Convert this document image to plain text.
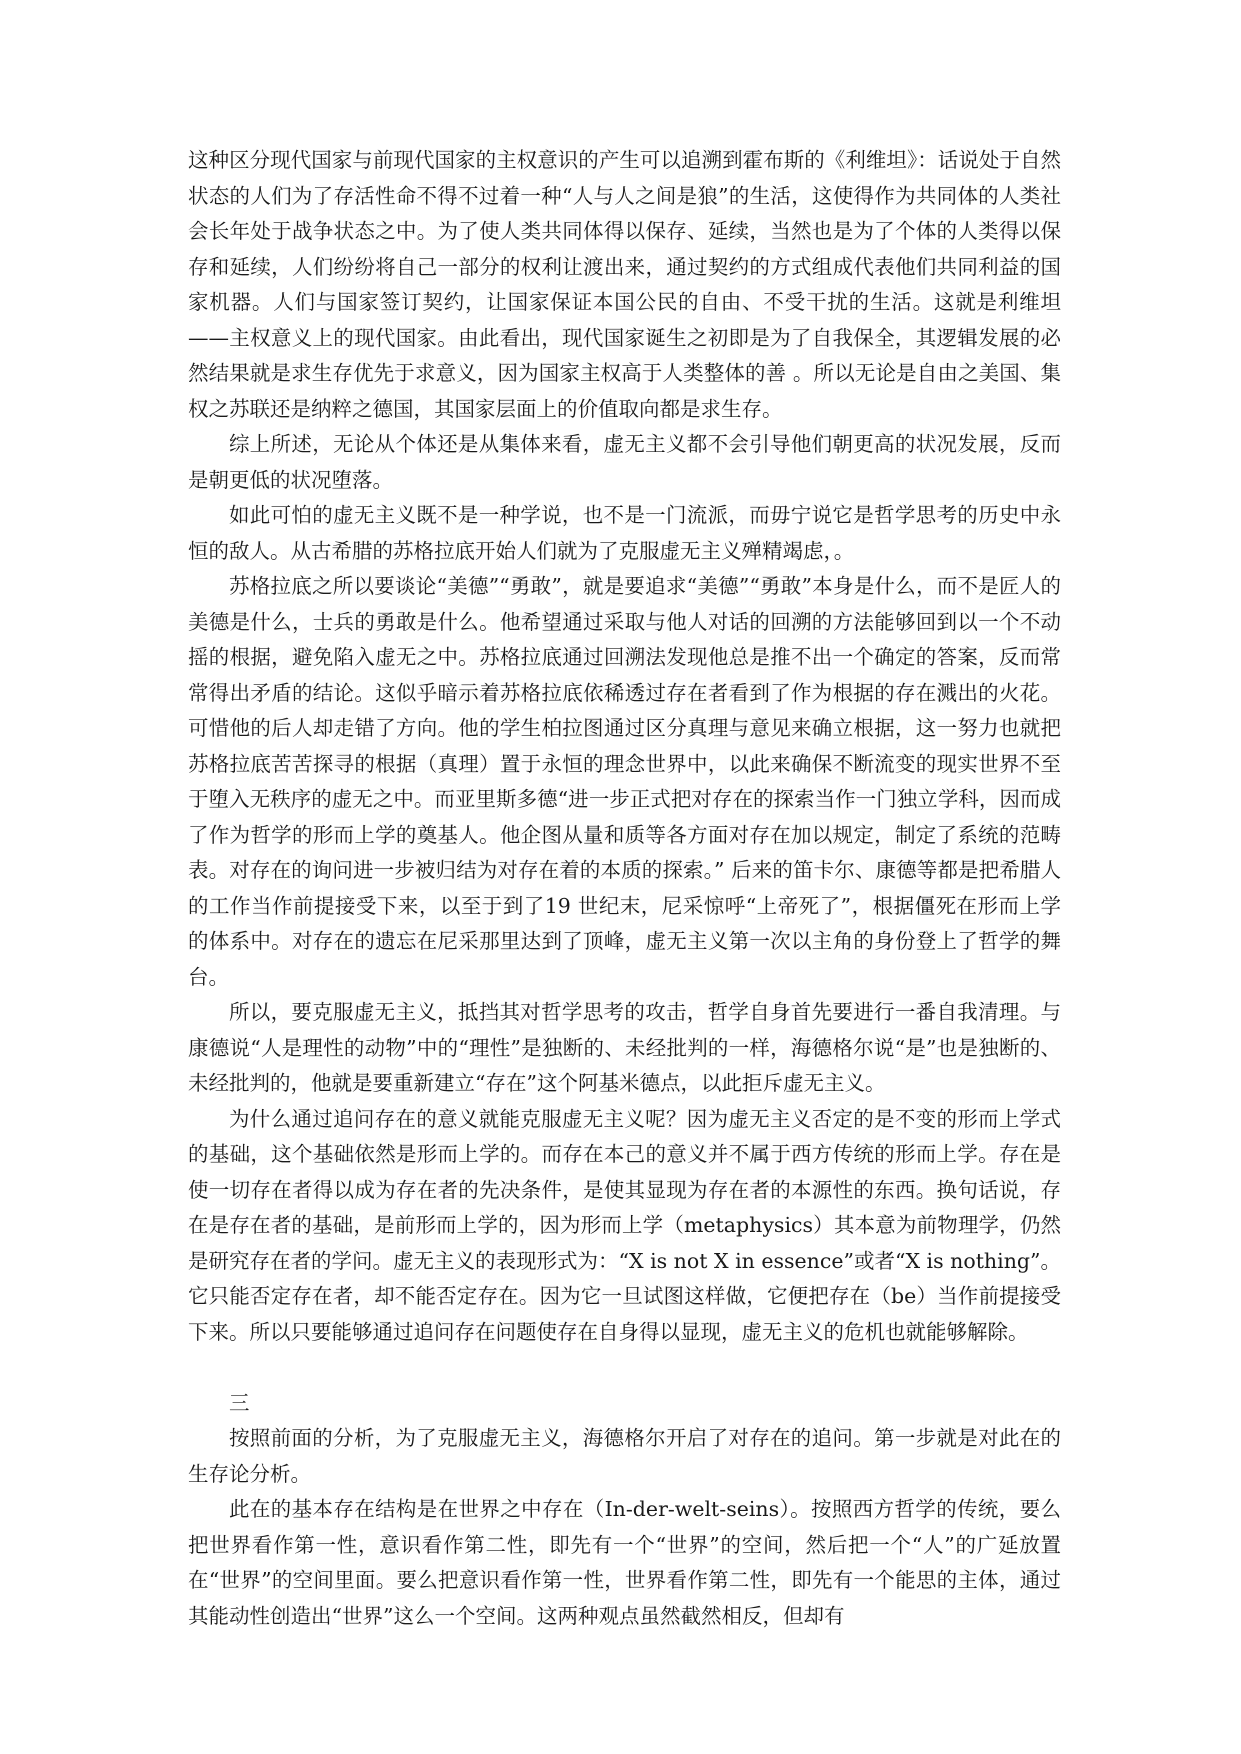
这种区分现代国家与前现代国家的主权意识的产生可以追溯到霍布斯的《利维坦》：话说处于自然状态的人们为了存活性命不得不过着一种“人与人之间是狼”的生活，这使得作为共同体的人类社会长年处于战争状态之中。为了使人类共同体得以保存、延续，当然也是为了个体的人类得以保存和延续，人们纷纷将自己一部分的权利让渡出来，通过契约的方式组成代表他们共同利益的国家机器。人们与国家签订契约，让国家保证本国公民的自由、不受干扰的生活。这就是利维坦——主权意义上的现代国家。由此看出，现代国家诞生之初即是为了自我保全，其逻辑发展的必然结果就是求生存优先于求意义，因为国家主权高于人类整体的善 。所以无论是自由之美国、集权之苏联还是纳粹之德国，其国家层面上的价值取向都是求生存。

综上所述，无论从个体还是从集体来看，虚无主义都不会引导他们朝更高的状况发展，反而是朝更低的状况堕落。

如此可怕的虚无主义既不是一种学说，也不是一门流派，而毋宁说它是哲学思考的历史中永恒的敌人。从古希腊的苏格拉底开始人们就为了克服虚无主义殚精竭虑，。

苏格拉底之所以要谈论“美德”“勇敢”，就是要追求“美德”“勇敢”本身是什么，而不是匠人的美德是什么，士兵的勇敢是什么。他希望通过采取与他人对话的回溯的方法能够回到以一个不动摇的根据，避免陷入虚无之中。苏格拉底通过回溯法发现他总是推不出一个确定的答案，反而常常得出矛盾的结论。这似乎暗示着苏格拉底依稀透过存在者看到了作为根据的存在溅出的火花。可惜他的后人却走错了方向。他的学生柏拉图通过区分真理与意见来确立根据，这一努力也就把苏格拉底苦苦探寻的根据（真理）置于永恒的理念世界中，以此来确保不断流变的现实世界不至于堕入无秩序的虚无之中。而亚里斯多德“进一步正式把对存在的探索当作一门独立学科，因而成了作为哲学的形而上学的奠基人。他企图从量和质等各方面对存在加以规定，制定了系统的范畴表。对存在的询问进一步被归结为对存在着的本质的探索。” 后来的笛卡尔、康德等都是把希腊人的工作当作前提接受下来，以至于到了19 世纪末，尼采惊呼“上帝死了”，根据僵死在形而上学的体系中。对存在的遗忘在尼采那里达到了顶峰，虚无主义第一次以主角的身份登上了哲学的舞台。

所以，要克服虚无主义，抵挡其对哲学思考的攻击，哲学自身首先要进行一番自我清理。与康德说“人是理性的动物”中的“理性”是独断的、未经批判的一样，海德格尔说“是”也是独断的、未经批判的，他就是要重新建立“存在”这个阿基米德点，以此拒斥虚无主义。

为什么通过追问存在的意义就能克服虚无主义呢？因为虚无主义否定的是不变的形而上学式的基础，这个基础依然是形而上学的。而存在本己的意义并不属于西方传统的形而上学。存在是使一切存在者得以成为存在者的先决条件，是使其显现为存在者的本源性的东西。换句话说，存在是存在者的基础，是前形而上学的，因为形而上学（metaphysics）其本意为前物理学，仍然是研究存在者的学问。虚无主义的表现形式为：“X is not X in essence”或者“X is nothing”。它只能否定存在者，却不能否定存在。因为它一旦试图这样做，它便把存在（be）当作前提接受下来。所以只要能够通过追问存在问题使存在自身得以显现，虚无主义的危机也就能够解除。

三

按照前面的分析，为了克服虚无主义，海德格尔开启了对存在的追问。第一步就是对此在的生存论分析。

此在的基本存在结构是在世界之中存在（In-der-welt-seins）。按照西方哲学的传统，要么把世界看作第一性，意识看作第二性，即先有一个“世界”的空间，然后把一个“人”的广延放置在“世界”的空间里面。要么把意识看作第一性，世界看作第二性，即先有一个能思的主体，通过其能动性创造出“世界”这么一个空间。这两种观点虽然截然相反，但却有
